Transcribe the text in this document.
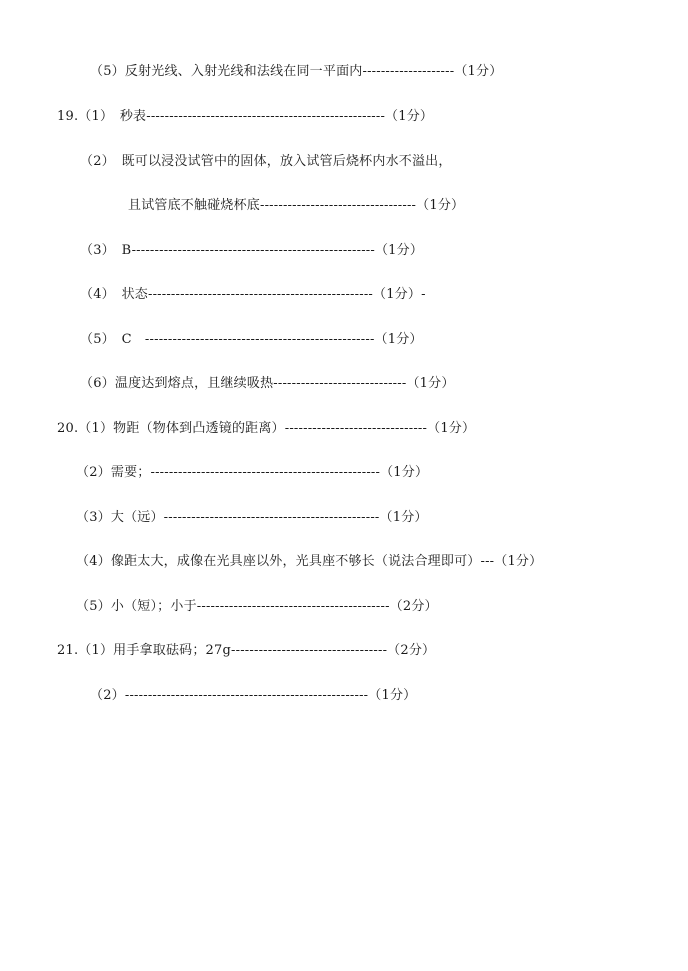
（5）反射光线、入射光线和法线在同一平面内--------------------（1分）
19.（1）　秒表----------------------------------------------------（1分）
（2）　既可以浸没试管中的固体，放入试管后烧杯内水不溢出，
且试管底不触碰烧杯底----------------------------------（1分）
（3）　B-----------------------------------------------------（1分）
（4）　状态-------------------------------------------------（1分）-
（5）　C　--------------------------------------------------（1分）
（6）温度达到熔点，且继续吸热-----------------------------（1分）
20.（1）物距（物体到凸透镜的距离）-------------------------------（1分）
（2）需要；--------------------------------------------------（1分）
（3）大（远）-----------------------------------------------（1分）
（4）像距太大，成像在光具座以外，光具座不够长（说法合理即可）---（1分）
（5）小（短）；小于------------------------------------------（2分）
21.（1）用手拿取砝码；27g----------------------------------（2分）
（2）-----------------------------------------------------（1分）
